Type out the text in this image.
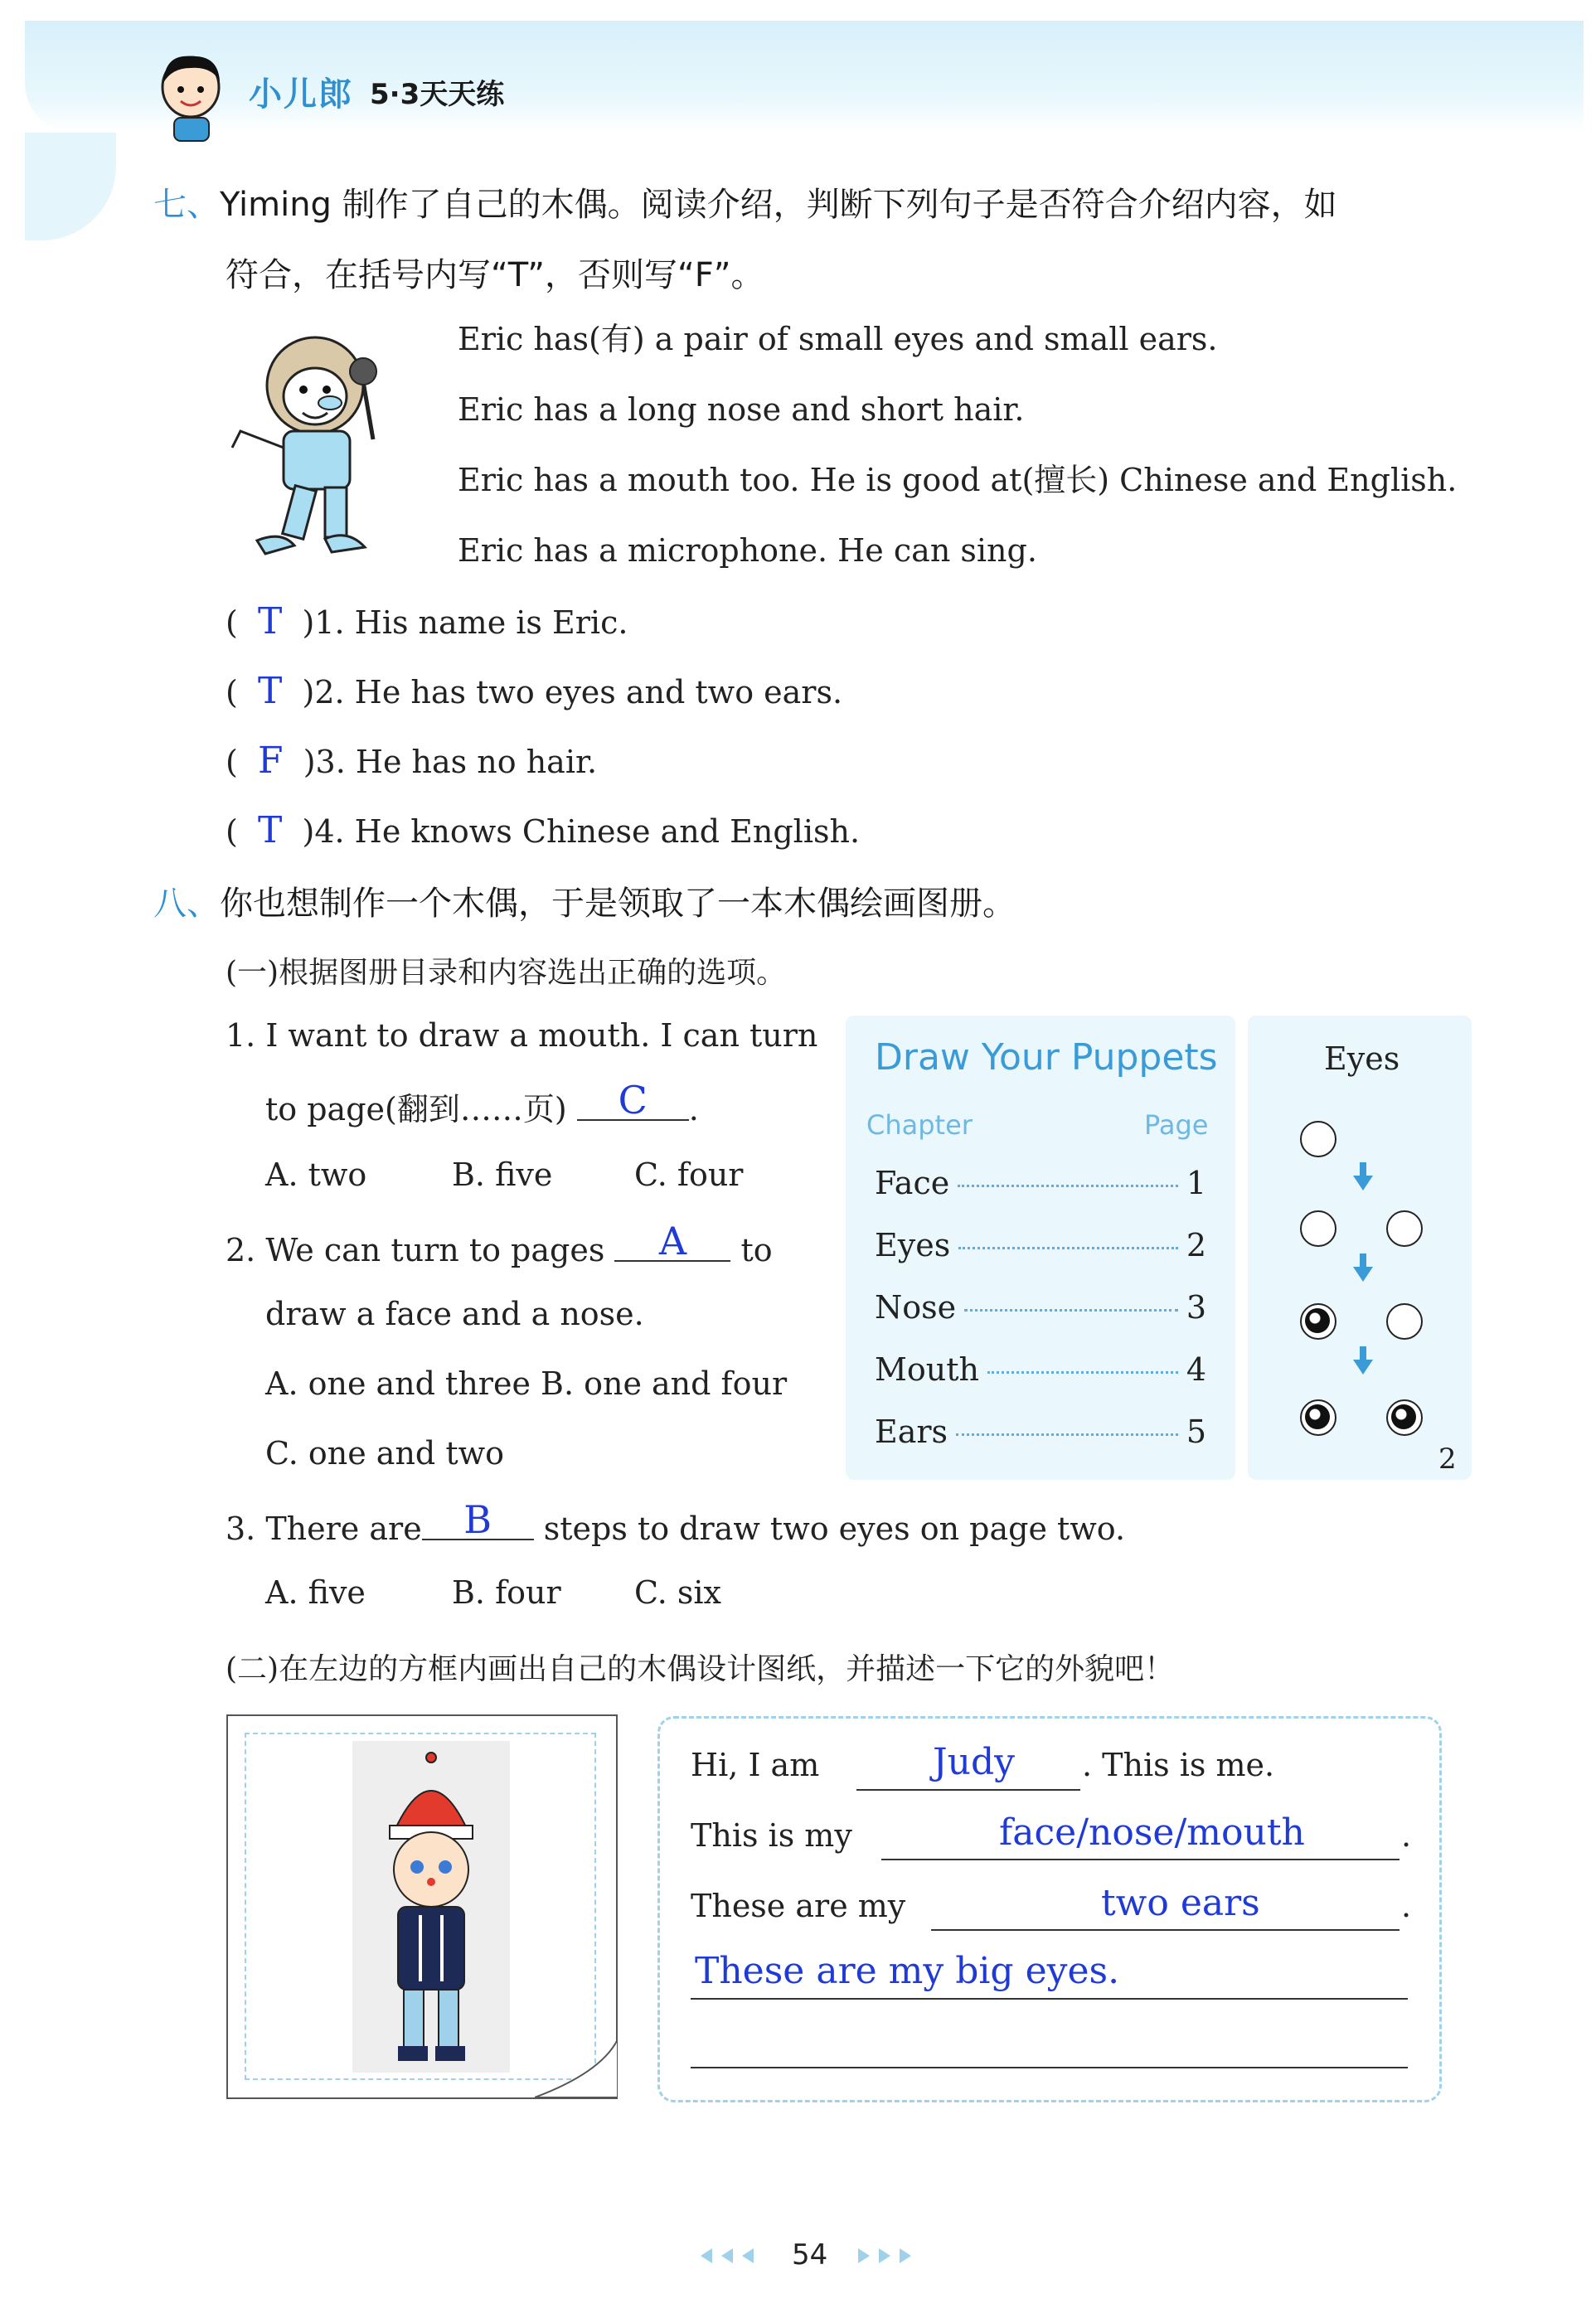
小儿郎 5·3天天练
七、Yiming 制作了自己的木偶。阅读介绍，判断下列句子是否符合介绍内容，如
符合，在括号内写“T”，否则写“F”。
Eric has(有) a pair of small eyes and small ears.
Eric has a long nose and short hair.
Eric has a mouth too. He is good at(擅长) Chinese and English.
Eric has a microphone. He can sing.
(  T )1. His name is Eric.
(  T )2. He has two eyes and two ears.
(  F )3. He has no hair.
(  T )4. He knows Chinese and English.
八、你也想制作一个木偶，于是领取了一本木偶绘画图册。
(一)根据图册目录和内容选出正确的选项。
1. I want to draw a mouth. I can turn
to page(翻到……页) C .
A. two	B. five	C. four
2. We can turn to pages A to
draw a face and a nose.
A. one and three B. one and four
C. one and two
3. There are B steps to draw two eyes on page two.
A. five	B. four C. six
Draw Your Puppets
Chapter	Page
Face	1
Eyes	2
Nose	3
Mouth	4
Ears	5
Eyes
2
(二)在左边的方框内画出自己的木偶设计图纸，并描述一下它的外貌吧！
Hi, I am	Judy . This is me.
This is my	face/nose/mouth	.
These are my	two ears	.
These are my big eyes.
54
